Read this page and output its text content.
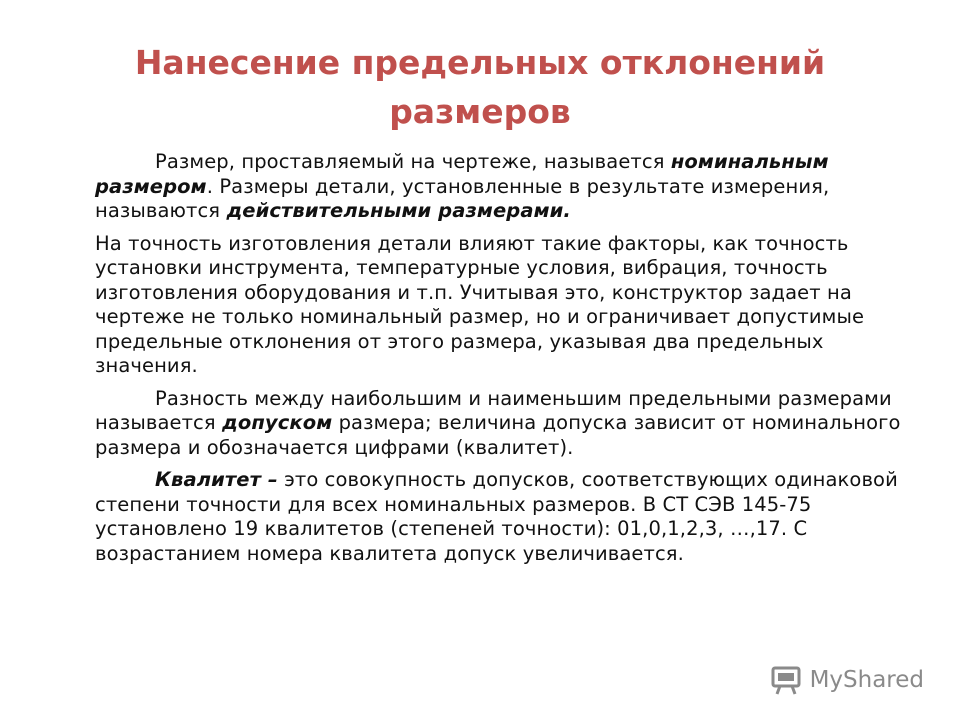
Нанесение предельных отклонений
размеров

Размер, проставляемый на чертеже, называется номинальным размером. Размеры детали, установленные в результате измерения, называются действительными размерами.

На точность изготовления детали влияют такие факторы, как точность установки инструмента, температурные условия, вибрация, точность изготовления оборудования и т.п. Учитывая это, конструктор задает на чертеже не только номинальный размер, но и ограничивает допустимые предельные отклонения от этого размера, указывая два предельных значения.

Разность между наибольшим и наименьшим предельными размерами называется допуском размера; величина допуска зависит от номинального размера и обозначается цифрами (квалитет).

Квалитет – это совокупность допусков, соответствующих одинаковой степени точности для всех номинальных размеров. В СТ СЭВ 145-75 установлено 19 квалитетов (степеней точности): 01,0,1,2,3, …,17. С возрастанием номера квалитета допуск увеличивается.

MyShared
